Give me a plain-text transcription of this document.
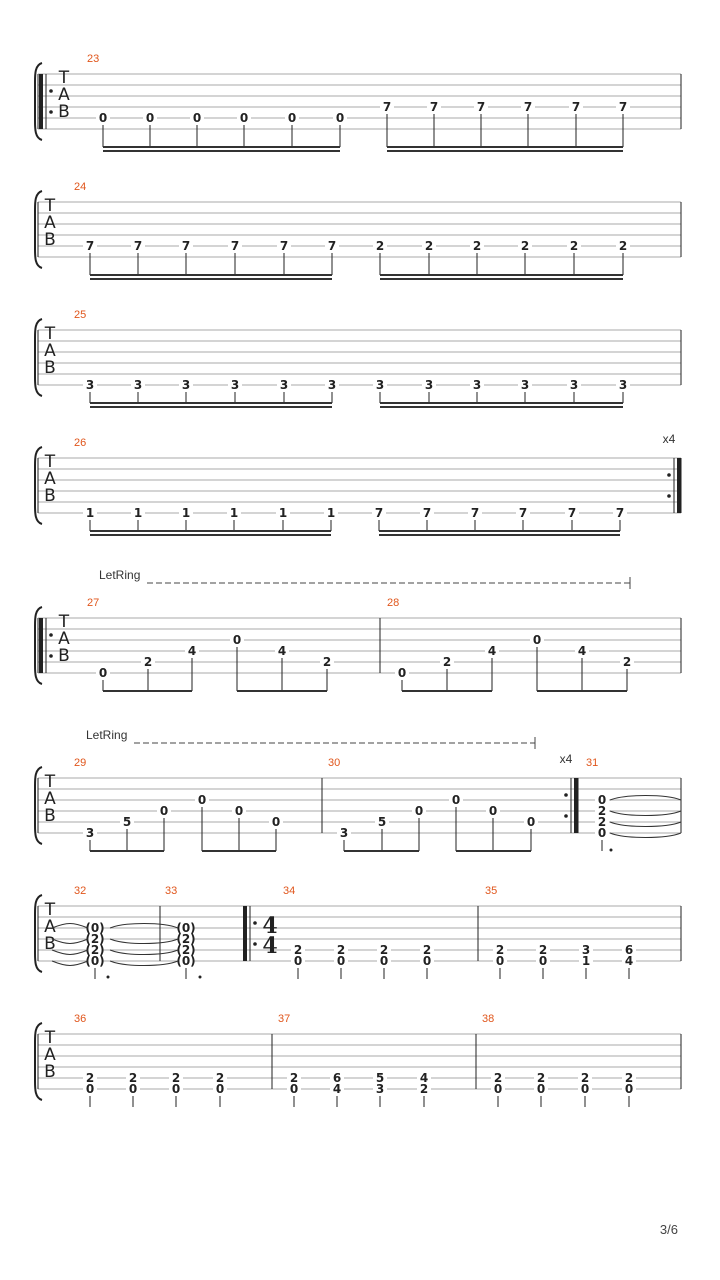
23
T
A
B 0	0	0	0	0	0
7	7	7	7	7	7
24
T
A
B 7	7	7	7	7	7	2	2	2	2	2	2
25
T
A
B
3	3	3	3	3	3	3	3	3	3	3	3
26
T
A
B
x4
1	1	1	1	1	1	7	7	7	7	7	7
27
T
A
B
0
2
4
0
4
2
28
0
2
4
0
4
2
LetRing
29
T
A
B
3
5
0
0
0
0
30	x4
3
5
0
0
0
0
31
0
2
2
0
LetRing
32
T
A
B
(0)
(2)
(2)
(0)
33
(0)
(2)
(2)
(0)
34
4
4 2
0
2
0
2
0
2
0
35
2
0
2
0
3
1
6
4
36
T
A
B 2
0
2
0
2
0
2
0
37
2
0
6
4
5
3
4
2
38
2
0
2
0
2
0
2
0
3/6
